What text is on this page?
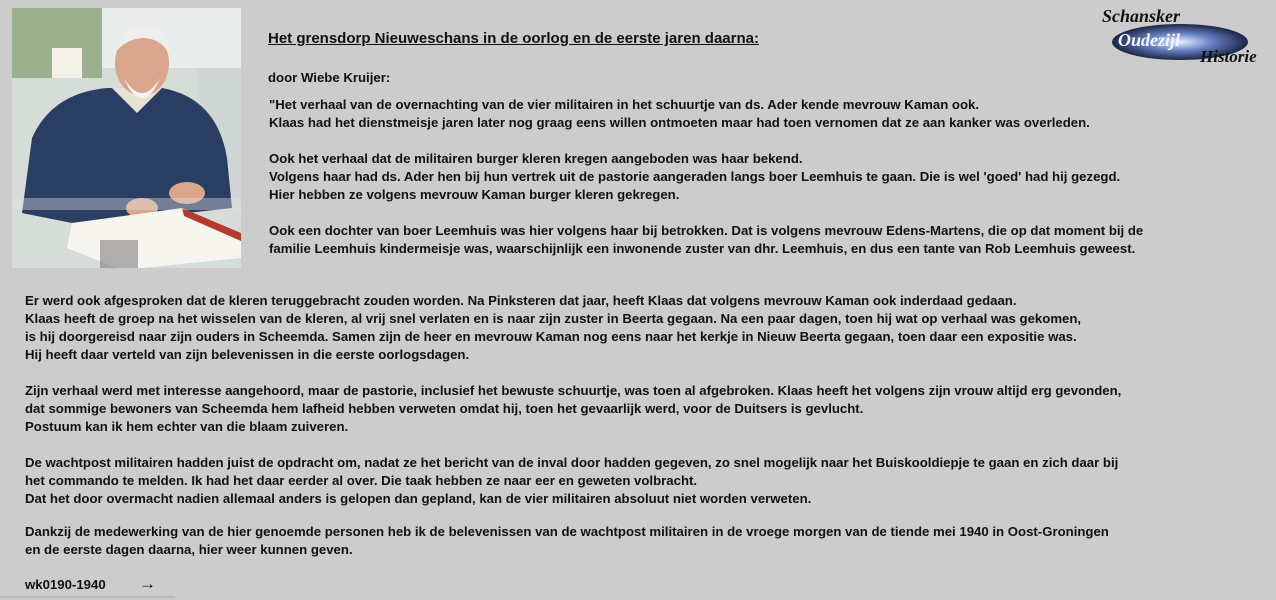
Schansker
Oudezijl
Historie
Het grensdorp Nieuweschans in de oorlog en de eerste jaren daarna:
door Wiebe Kruijer:
"Het verhaal van de overnachting van de vier militairen in het schuurtje van ds. Ader kende mevrouw Kaman ook.
Klaas had het dienstmeisje jaren later nog graag eens willen ontmoeten maar had toen vernomen dat ze aan kanker was overleden.
Ook het verhaal dat de militairen burger kleren kregen aangeboden was haar bekend.
Volgens haar had ds. Ader hen bij hun vertrek uit de pastorie aangeraden langs boer Leemhuis te gaan. Die is wel 'goed' had hij gezegd.
Hier hebben ze volgens mevrouw Kaman burger kleren gekregen.
Ook een dochter van boer Leemhuis was hier volgens haar bij betrokken. Dat is volgens mevrouw Edens-Martens, die op dat moment bij de
familie Leemhuis kindermeisje was, waarschijnlijk een inwonende zuster van dhr. Leemhuis, en dus een tante van Rob Leemhuis geweest.
Er werd ook afgesproken dat de kleren teruggebracht zouden worden. Na Pinksteren dat jaar, heeft Klaas dat volgens mevrouw Kaman ook inderdaad gedaan.
Klaas heeft de groep na het wisselen van de kleren, al vrij snel verlaten en is naar zijn zuster in Beerta gegaan. Na een paar dagen, toen hij wat op verhaal was gekomen,
is hij doorgereisd naar zijn ouders in Scheemda. Samen zijn de heer en mevrouw Kaman nog eens naar het kerkje in Nieuw Beerta gegaan, toen daar een expositie was.
Hij heeft daar verteld van zijn belevenissen in die eerste oorlogsdagen.
Zijn verhaal werd met interesse aangehoord, maar de pastorie, inclusief het bewuste schuurtje, was toen al afgebroken. Klaas heeft het volgens zijn vrouw altijd erg gevonden,
dat sommige bewoners van Scheemda hem lafheid hebben verweten omdat hij, toen het gevaarlijk werd, voor de Duitsers is gevlucht.
Postuum kan ik hem echter van die blaam zuiveren.
De wachtpost militairen hadden juist de opdracht om, nadat ze het bericht van de inval door hadden gegeven, zo snel mogelijk naar het Buiskooldiepje te gaan en zich daar bij
het commando te melden. Ik had het daar eerder al over. Die taak hebben ze naar eer en geweten volbracht.
Dat het door overmacht nadien allemaal anders is gelopen dan gepland, kan de vier militairen absoluut niet worden verweten.
Dankzij de medewerking van de hier genoemde personen heb ik de belevenissen van de wachtpost militairen in de vroege morgen van de tiende mei 1940 in Oost-Groningen
en de eerste dagen daarna, hier weer kunnen geven.
wk0190-1940 →
